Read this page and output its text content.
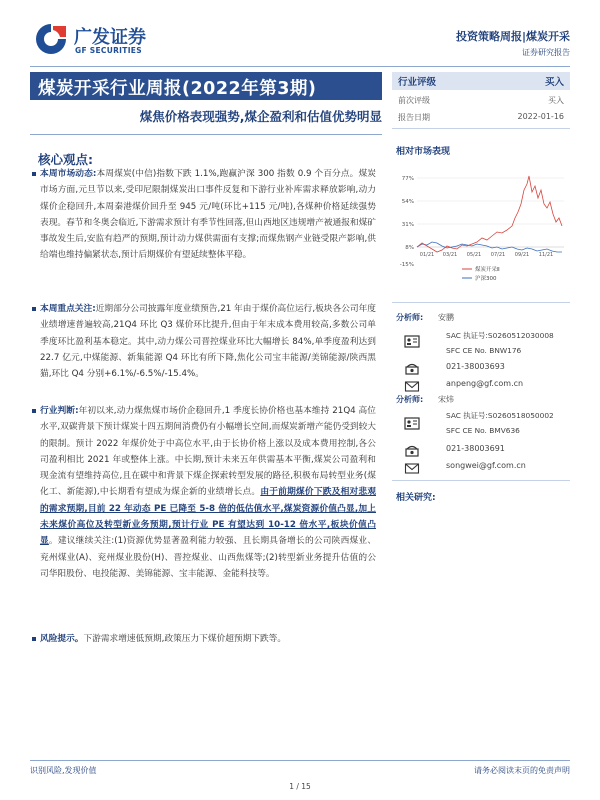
广发证券
GF SECURITIES
投资策略周报|煤炭开采
证券研究报告
煤炭开采行业周报(2022年第3期)
煤焦价格表现强势,煤企盈利和估值优势明显
核心观点:
本周市场动态:本周煤炭(中信)指数下跌 1.1%,跑赢沪深 300 指数 0.9 个百分点。煤炭市场方面,元旦节以来,受印尼限制煤炭出口事件反复和下游行业补库需求释放影响,动力煤价企稳回升,本周秦港煤价回升至 945 元/吨(环比+115 元/吨),各煤种价格延续强势表现。春节和冬奥会临近,下游需求预计有季节性回落,但山西地区违规增产被通报和煤矿事故发生后,安监有趋严的预期,预计动力煤供需面有支撑;而煤焦钢产业链受限产影响,供给端也维持偏紧状态,预计后期煤价有望延续整体平稳。
本周重点关注:近期部分公司披露年度业绩预告,21 年由于煤价高位运行,板块各公司年度业绩增速普遍较高,21Q4 环比 Q3 煤价环比提升,但由于年末成本费用较高,多数公司单季度环比盈利基本稳定。其中,动力煤公司晋控煤业环比大幅增长 84%,单季度盈利达到 22.7 亿元,中煤能源、新集能源 Q4 环比有所下降,焦化公司宝丰能源/美锦能源/陕西黑猫,环比 Q4 分别+6.1%/-6.5%/-15.4%。
行业判断:年初以来,动力煤焦煤市场价企稳回升,1 季度长协价格也基本维持 21Q4 高位水平,双碳背景下预计煤炭十四五期间消费仍有小幅增长空间,而煤炭新增产能仍受到较大的限制。预计 2022 年煤价处于中高位水平,由于长协价格上涨以及成本费用控制,各公司盈利相比 2021 年或整体上涨。中长期,预计未来五年供需基本平衡,煤炭公司盈利和现金流有望维持高位,且在碳中和背景下煤企探索转型发展的路径,积极布局转型业务(煤化工、新能源),中长期看有望成为煤企新的业绩增长点。由于前期煤价下跌及相对悲观的需求预期,目前 22 年动态 PE 已降至 5-8 倍的低估值水平,煤炭资源价值凸显,加上未来煤价高位及转型新业务预期,预计行业 PE 有望达到 10-12 倍水平,板块价值凸显。建议继续关注:(1)资源优势显著盈利能力较强、且长期具备增长的公司陕西煤业、兖州煤业(A)、兖州煤业股份(H)、晋控煤业、山西焦煤等;(2)转型新业务提升估值的公司华阳股份、电投能源、美锦能源、宝丰能源、金能科技等。
风险提示。下游需求增速低预期,政策压力下煤价超预期下跌等。
行业评级	买入
前次评级	买入
报告日期	2022-01-16
相对市场表现
77%
54%
31%
8%
-15%
01/21 03/21 05/21 07/21 09/21 11/21
煤炭开采Ⅱ
沪深300
分析师: 安鹏
SAC 执证号:S0260512030008
SFC CE No. BNW176
021-38003693
anpeng@gf.com.cn
分析师: 宋炜
SAC 执证号:S0260518050002
SFC CE No. BMV636
021-38003691
songwei@gf.com.cn
相关研究:
识别风险,发现价值	请务必阅读末页的免责声明
1 / 15
